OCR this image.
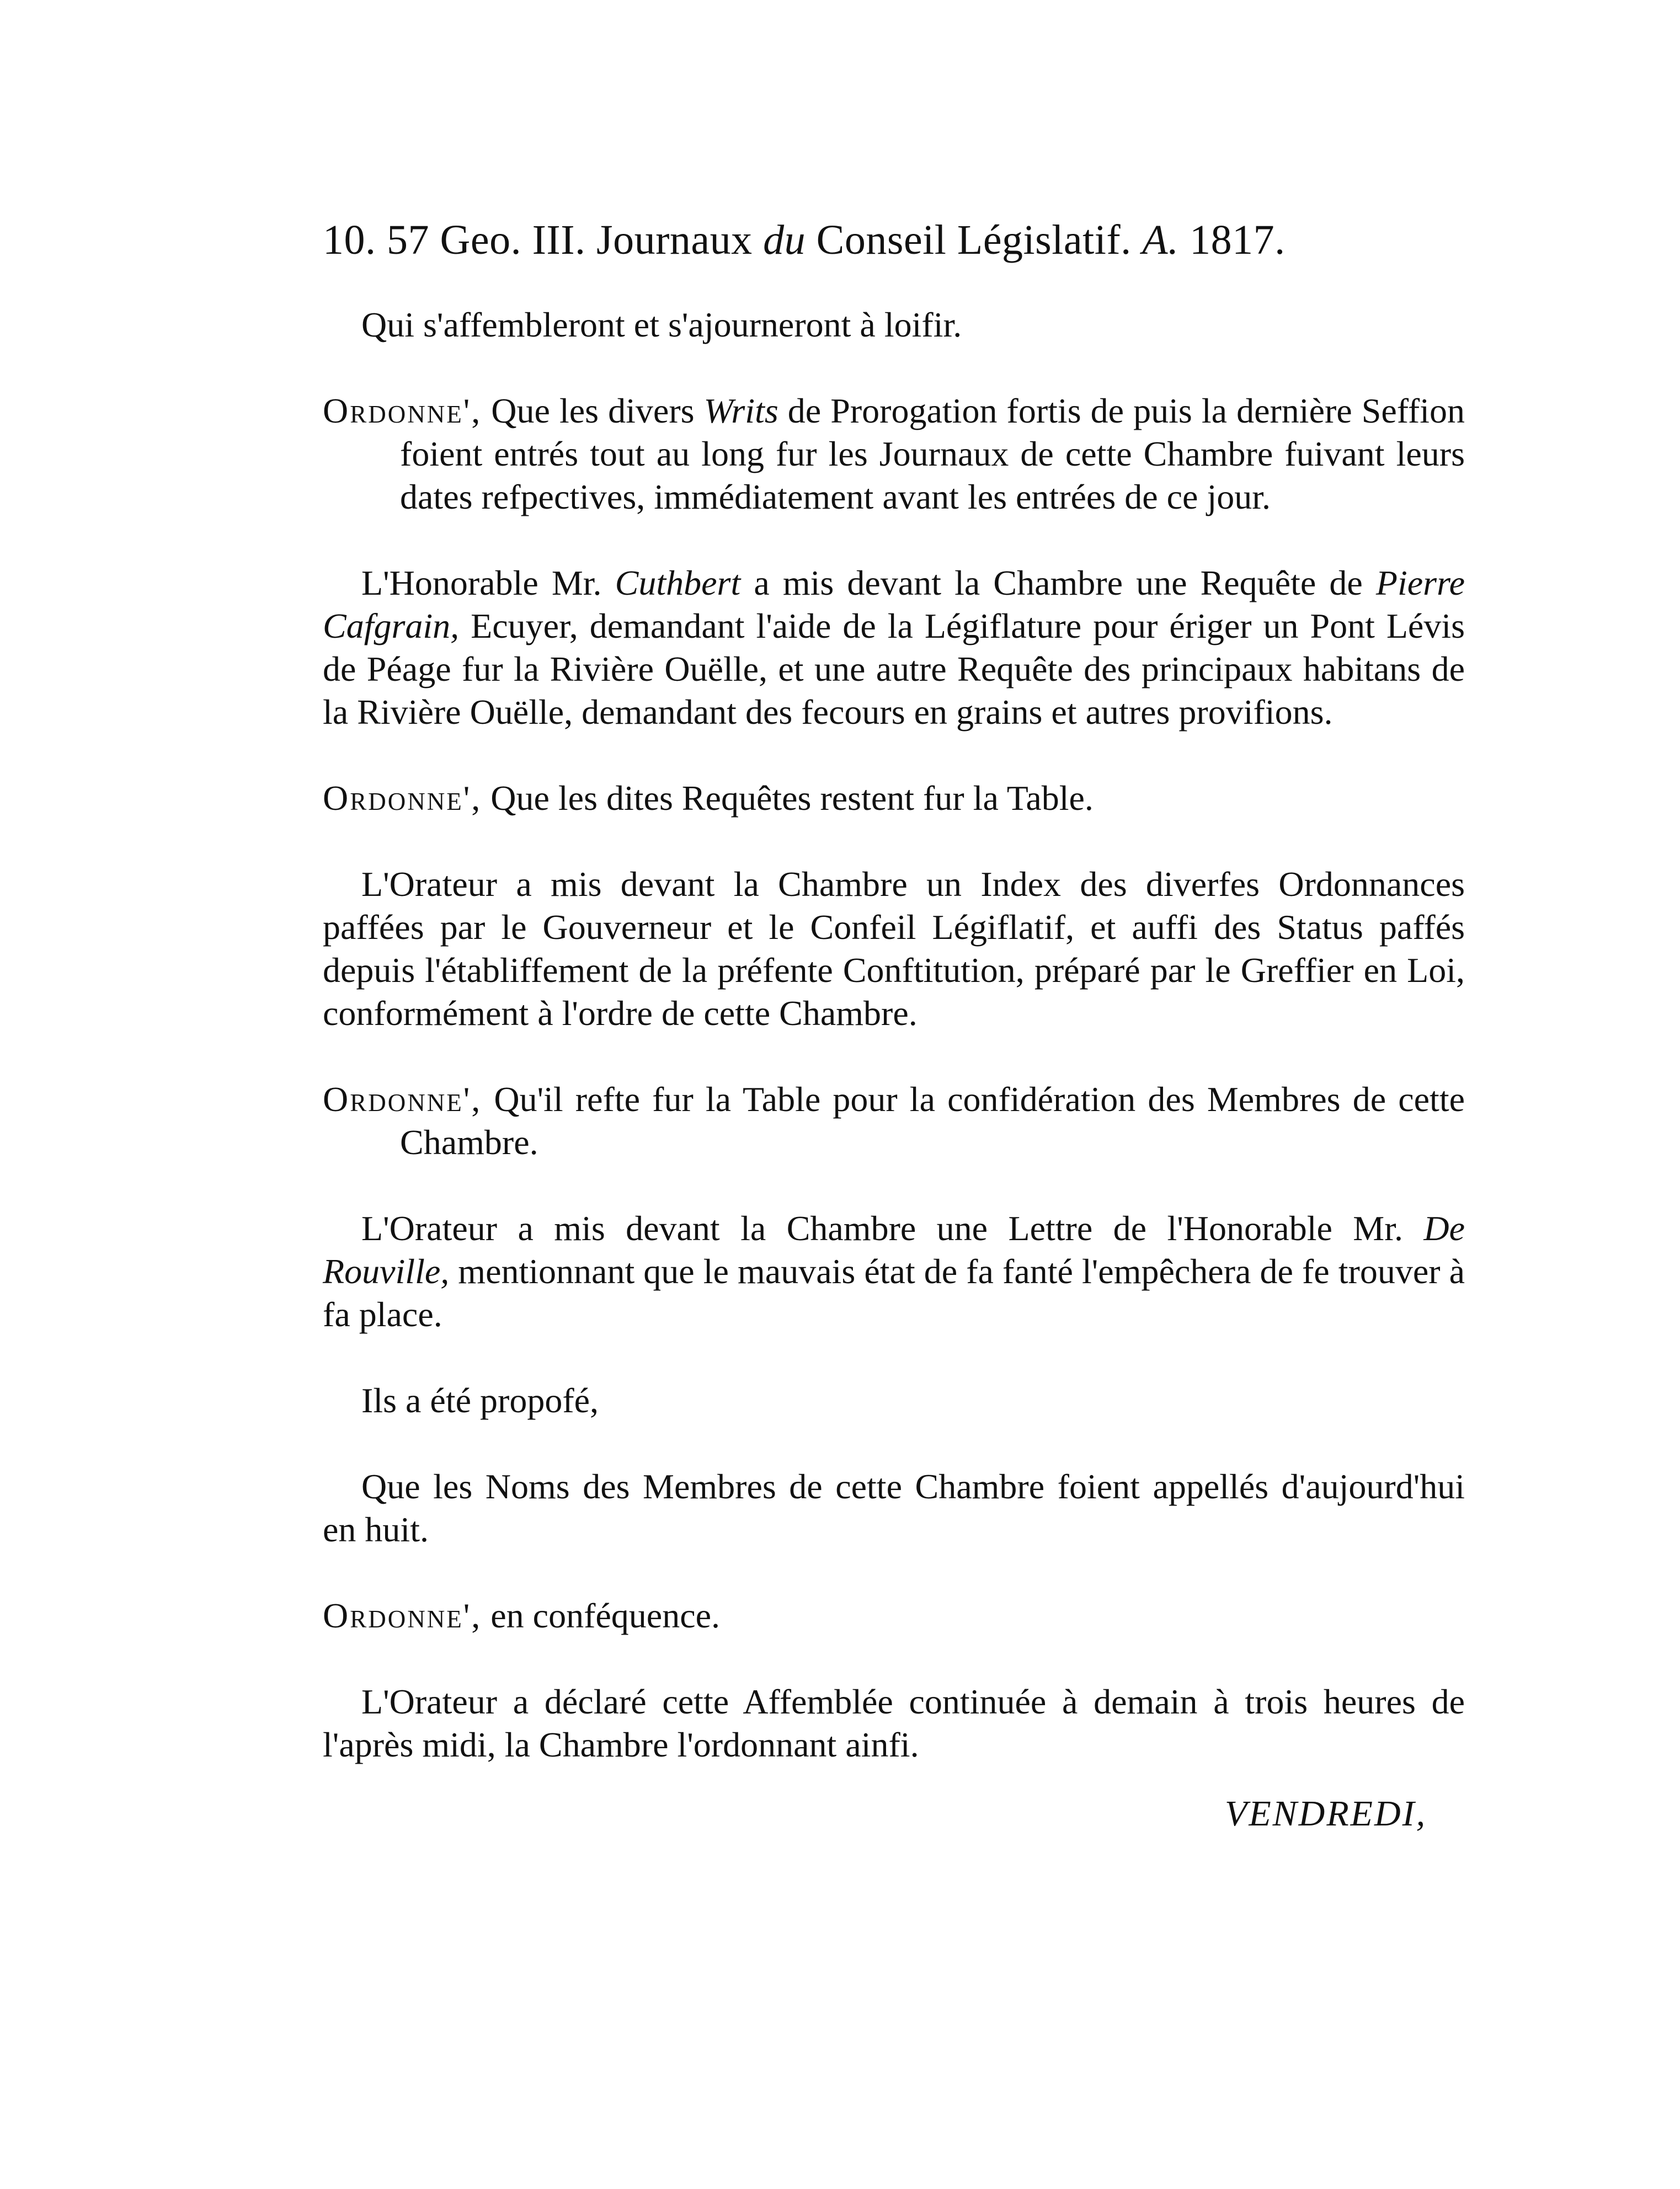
10. 57 Geo. III. Journaux du Conseil Législatif. A. 1817.

Qui s'affembleront et s'ajourneront à loifir.

Ordonne', Que les divers Writs de Prorogation fortis de puis la dernière Seffion foient entrés tout au long fur les Journaux de cette Chambre fuivant leurs dates refpectives, immédiatement avant les entrées de ce jour.

L'Honorable Mr. Cuthbert a mis devant la Chambre une Requête de Pierre Cafgrain, Ecuyer, demandant l'aide de la Légiflature pour ériger un Pont Lévis de Péage fur la Rivière Ouëlle, et une autre Requête des principaux habitans de la Rivière Ouëlle, demandant des fecours en grains et autres provifions.

Ordonne', Que les dites Requêtes restent fur la Table.

L'Orateur a mis devant la Chambre un Index des diverfes Ordonnances paffées par le Gouverneur et le Confeil Légiflatif, et auffi des Status paffés depuis l'établiffement de la préfente Conftitution, préparé par le Greffier en Loi, conformément à l'ordre de cette Chambre.

Ordonne', Qu'il refte fur la Table pour la confidération des Membres de cette Chambre.

L'Orateur a mis devant la Chambre une Lettre de l'Honorable Mr. De Rouville, mentionnant que le mauvais état de fa fanté l'empêchera de fe trouver à fa place.

Ils a été propofé,

Que les Noms des Membres de cette Chambre foient appellés d'aujourd'hui en huit.

Ordonne', en conféquence.

L'Orateur a déclaré cette Affemblée continuée à demain à trois heures de l'après midi, la Chambre l'ordonnant ainfi.

VENDREDI,
